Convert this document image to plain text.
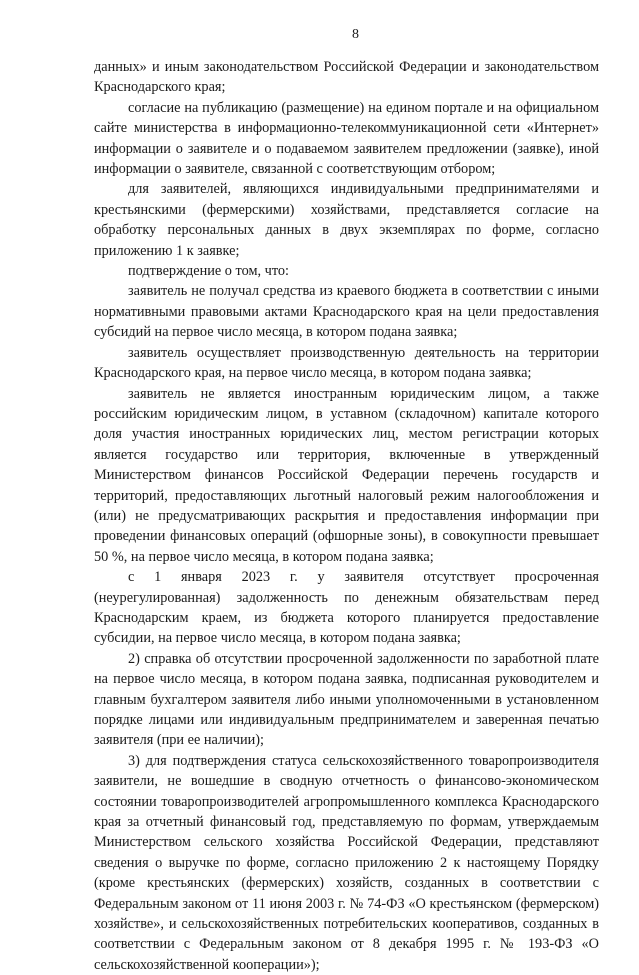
8

данных» и иным законодательством Российской Федерации и законодательством Краснодарского края;

согласие на публикацию (размещение) на едином портале и на официальном сайте министерства в информационно-телекоммуникационной сети «Интернет» информации о заявителе и о подаваемом заявителем предложении (заявке), иной информации о заявителе, связанной с соответствующим отбором;

для заявителей, являющихся индивидуальными предпринимателями и крестьянскими (фермерскими) хозяйствами, представляется согласие на обработку персональных данных в двух экземплярах по форме, согласно приложению 1 к заявке;

подтверждение о том, что:

заявитель не получал средства из краевого бюджета в соответствии с иными нормативными правовыми актами Краснодарского края на цели предоставления субсидий на первое число месяца, в котором подана заявка;

заявитель осуществляет производственную деятельность на территории Краснодарского края, на первое число месяца, в котором подана заявка;

заявитель не является иностранным юридическим лицом, а также российским юридическим лицом, в уставном (складочном) капитале которого доля участия иностранных юридических лиц, местом регистрации которых является государство или территория, включенные в утвержденный Министерством финансов Российской Федерации перечень государств и территорий, предоставляющих льготный налоговый режим налогообложения и (или) не предусматривающих раскрытия и предоставления информации при проведении финансовых операций (офшорные зоны), в совокупности превышает 50 %, на первое число месяца, в котором подана заявка;

с 1 января 2023 г. у заявителя отсутствует просроченная (неурегулированная) задолженность по денежным обязательствам перед Краснодарским краем, из бюджета которого планируется предоставление субсидии, на первое число месяца, в котором подана заявка;

2) справка об отсутствии просроченной задолженности по заработной плате на первое число месяца, в котором подана заявка, подписанная руководителем и главным бухгалтером заявителя либо иными уполномоченными в установленном порядке лицами или индивидуальным предпринимателем и заверенная печатью заявителя (при ее наличии);

3) для подтверждения статуса сельскохозяйственного товаропроизводителя заявители, не вошедшие в сводную отчетность о финансово-экономическом состоянии товаропроизводителей агропромышленного комплекса Краснодарского края за отчетный финансовый год, представляемую по формам, утверждаемым Министерством сельского хозяйства Российской Федерации, представляют сведения о выручке по форме, согласно приложению 2 к настоящему Порядку (кроме крестьянских (фермерских) хозяйств, созданных в соответствии с Федеральным законом от 11 июня 2003 г. № 74-ФЗ «О крестьянском (фермерском) хозяйстве», и сельскохозяйственных потребительских кооперативов, созданных в соответствии с Федеральным законом от 8 декабря 1995 г. № 193-ФЗ «О сельскохозяйственной кооперации»);
